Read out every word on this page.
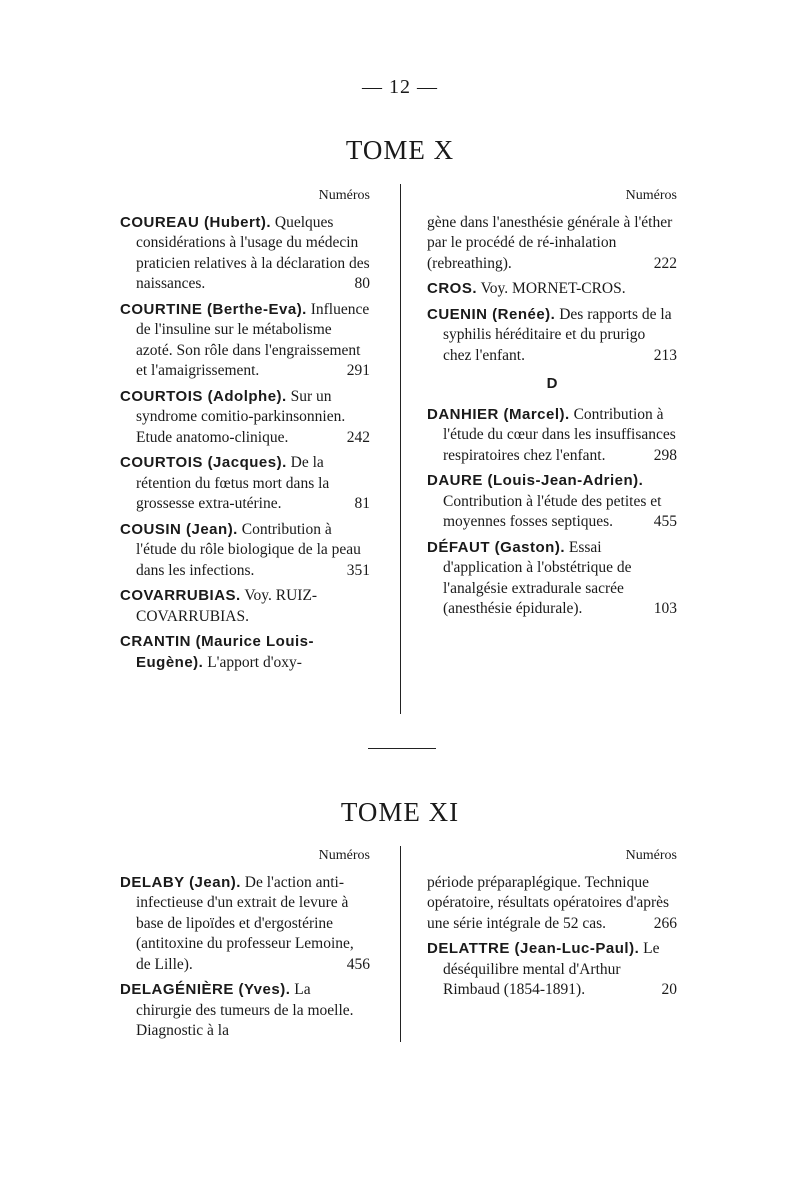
— 12 —
TOME X
Numéros
COUREAU (Hubert). Quelques considérations à l'usage du médecin praticien relatives à la déclaration des naissances.	80
COURTINE (Berthe-Eva). Influence de l'insuline sur le métabolisme azoté. Son rôle dans l'engraissement et l'amaigrissement.	291
COURTOIS (Adolphe). Sur un syndrome comitio-parkinsonnien. Etude anatomo-clinique.	242
COURTOIS (Jacques). De la rétention du fœtus mort dans la grossesse extra-utérine.	81
COUSIN (Jean). Contribution à l'étude du rôle biologique de la peau dans les infections.	351
COVARRUBIAS. Voy. RUIZ-COVARRUBIAS.
CRANTIN (Maurice Louis-Eugène). L'apport d'oxy-
Numéros
gène dans l'anesthésie générale à l'éther par le procédé de ré-inhalation (rebreathing).	222
CROS. Voy. MORNET-CROS.
CUENIN (Renée). Des rapports de la syphilis héréditaire et du prurigo chez l'enfant.	213
D
DANHIER (Marcel). Contribution à l'étude du cœur dans les insuffisances respiratoires chez l'enfant.	298
DAURE (Louis-Jean-Adrien). Contribution à l'étude des petites et moyennes fosses septiques.	455
DÉFAUT (Gaston). Essai d'application à l'obstétrique de l'analgésie extradurale sacrée (anesthésie épidurale).	103
TOME XI
Numéros
DELABY (Jean). De l'action anti-infectieuse d'un extrait de levure à base de lipoïdes et d'ergostérine (antitoxine du professeur Lemoine, de Lille).	456
DELAGÉNIÈRE (Yves). La chirurgie des tumeurs de la moelle. Diagnostic à la
Numéros
période préparaplégique. Technique opératoire, résultats opératoires d'après une série intégrale de 52 cas.	266
DELATTRE (Jean-Luc-Paul). Le déséquilibre mental d'Arthur Rimbaud (1854-1891).	20
